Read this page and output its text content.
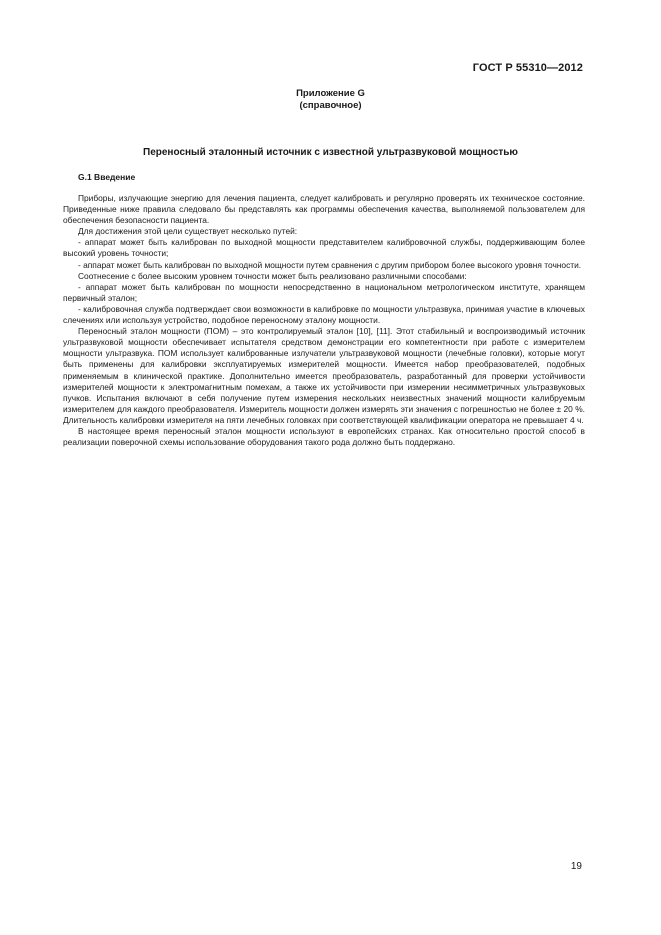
ГОСТ Р 55310—2012
Приложение G
(справочное)
Переносный эталонный источник с известной ультразвуковой мощностью
G.1 Введение

Приборы, излучающие энергию для лечения пациента, следует калибровать и регулярно проверять их техническое состояние. Приведенные ниже правила следовало бы представлять как программы обеспечения качества, выполняемой пользователем для обеспечения безопасности пациента.

Для достижения этой цели существует несколько путей:

- аппарат может быть калиброван по выходной мощности представителем калибровочной службы, поддерживающим более высокий уровень точности;

- аппарат может быть калиброван по выходной мощности путем сравнения с другим прибором более высокого уровня точности.

Соотнесение с более высоким уровнем точности может быть реализовано различными способами:

- аппарат может быть калиброван по мощности непосредственно в национальном метрологическом институте, хранящем первичный эталон;

- калибровочная служба подтверждает свои возможности в калибровке по мощности ультразвука, принимая участие в ключевых слечениях или используя устройство, подобное переносному эталону мощности.

Переносный эталон мощности (ПОМ) – это контролируемый эталон [10], [11]. Этот стабильный и воспроизводимый источник ультразвуковой мощности обеспечивает испытателя средством демонстрации его компетентности при работе с измерителем мощности ультразвука. ПОМ использует калиброванные излучатели ультразвуковой мощности (лечебные головки), которые могут быть применены для калибровки эксплуатируемых измерителей мощности. Имеется набор преобразователей, подобных применяемым в клинической практике. Дополнительно имеется преобразователь, разработанный для проверки устойчивости измерителей мощности к электромагнитным помехам, а также их устойчивости при измерении несимметричных ультразвуковых пучков. Испытания включают в себя получение путем измерения нескольких неизвестных значений мощности калибруемым измерителем для каждого преобразователя. Измеритель мощности должен измерять эти значения с погрешностью не более ± 20 %. Длительность калибровки измерителя на пяти лечебных головках при соответствующей квалификации оператора не превышает 4 ч.

В настоящее время переносный эталон мощности используют в европейских странах. Как относительно простой способ в реализации поверочной схемы использование оборудования такого рода должно быть поддержано.

19
